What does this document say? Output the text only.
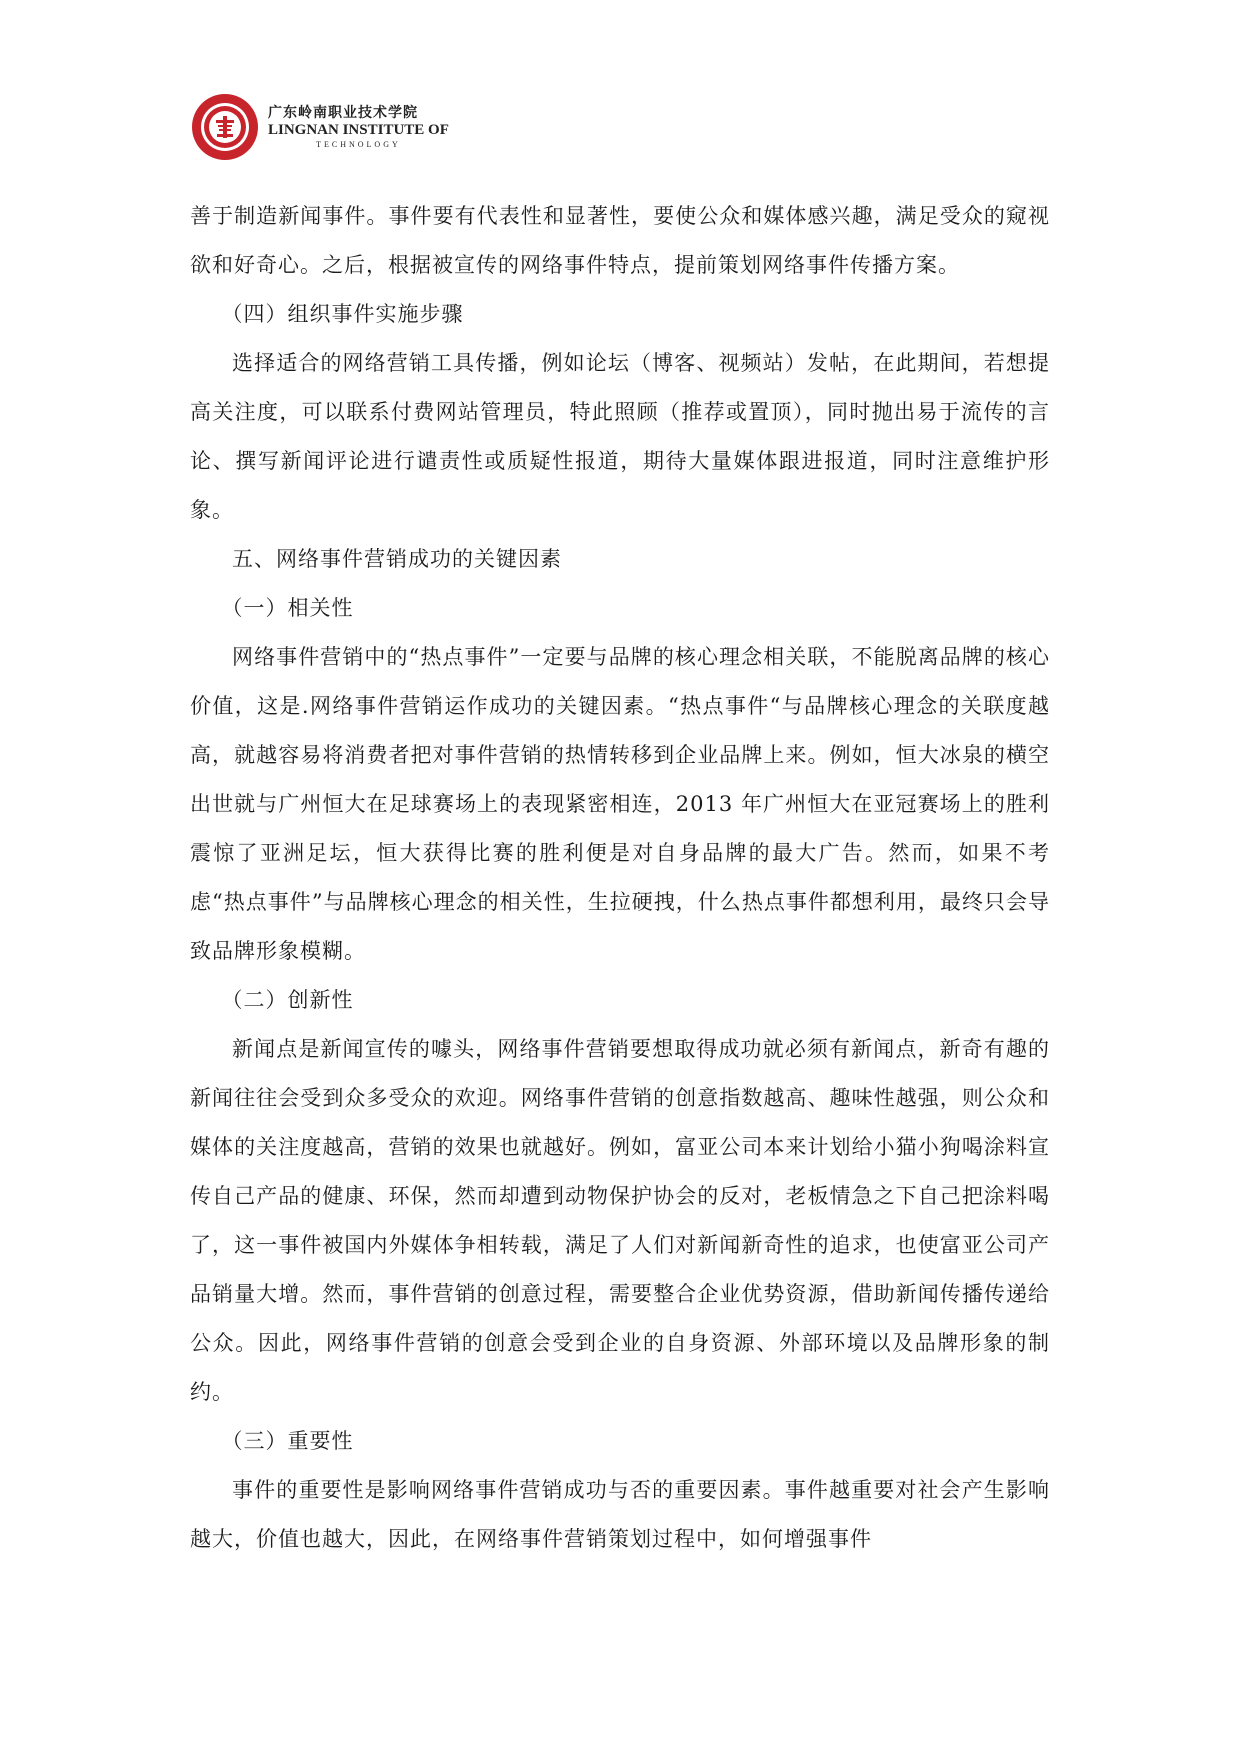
广东岭南职业技术学院
LINGNAN INSTITUTE OF
TECHNOLOGY

善于制造新闻事件。事件要有代表性和显著性，要使公众和媒体感兴趣，满足受众的窥视欲和好奇心。之后，根据被宣传的网络事件特点，提前策划网络事件传播方案。

（四）组织事件实施步骤

选择适合的网络营销工具传播，例如论坛（博客、视频站）发帖，在此期间，若想提高关注度，可以联系付费网站管理员，特此照顾（推荐或置顶），同时抛出易于流传的言论、撰写新闻评论进行谴责性或质疑性报道，期待大量媒体跟进报道，同时注意维护形象。

五、网络事件营销成功的关键因素

（一）相关性

网络事件营销中的“热点事件”一定要与品牌的核心理念相关联，不能脱离品牌的核心价值，这是.网络事件营销运作成功的关键因素。“热点事件“与品牌核心理念的关联度越高，就越容易将消费者把对事件营销的热情转移到企业品牌上来。例如，恒大冰泉的横空出世就与广州恒大在足球赛场上的表现紧密相连，2013 年广州恒大在亚冠赛场上的胜利震惊了亚洲足坛，恒大获得比赛的胜利便是对自身品牌的最大广告。然而，如果不考虑“热点事件”与品牌核心理念的相关性，生拉硬拽，什么热点事件都想利用，最终只会导致品牌形象模糊。

（二）创新性

新闻点是新闻宣传的噱头，网络事件营销要想取得成功就必须有新闻点，新奇有趣的新闻往往会受到众多受众的欢迎。网络事件营销的创意指数越高、趣味性越强，则公众和媒体的关注度越高，营销的效果也就越好。例如，富亚公司本来计划给小猫小狗喝涂料宣传自己产品的健康、环保，然而却遭到动物保护协会的反对，老板情急之下自己把涂料喝了，这一事件被国内外媒体争相转载，满足了人们对新闻新奇性的追求，也使富亚公司产品销量大增。然而，事件营销的创意过程，需要整合企业优势资源，借助新闻传播传递给公众。因此，网络事件营销的创意会受到企业的自身资源、外部环境以及品牌形象的制约。

（三）重要性

事件的重要性是影响网络事件营销成功与否的重要因素。事件越重要对社会产生影响越大，价值也越大，因此，在网络事件营销策划过程中，如何增强事件
